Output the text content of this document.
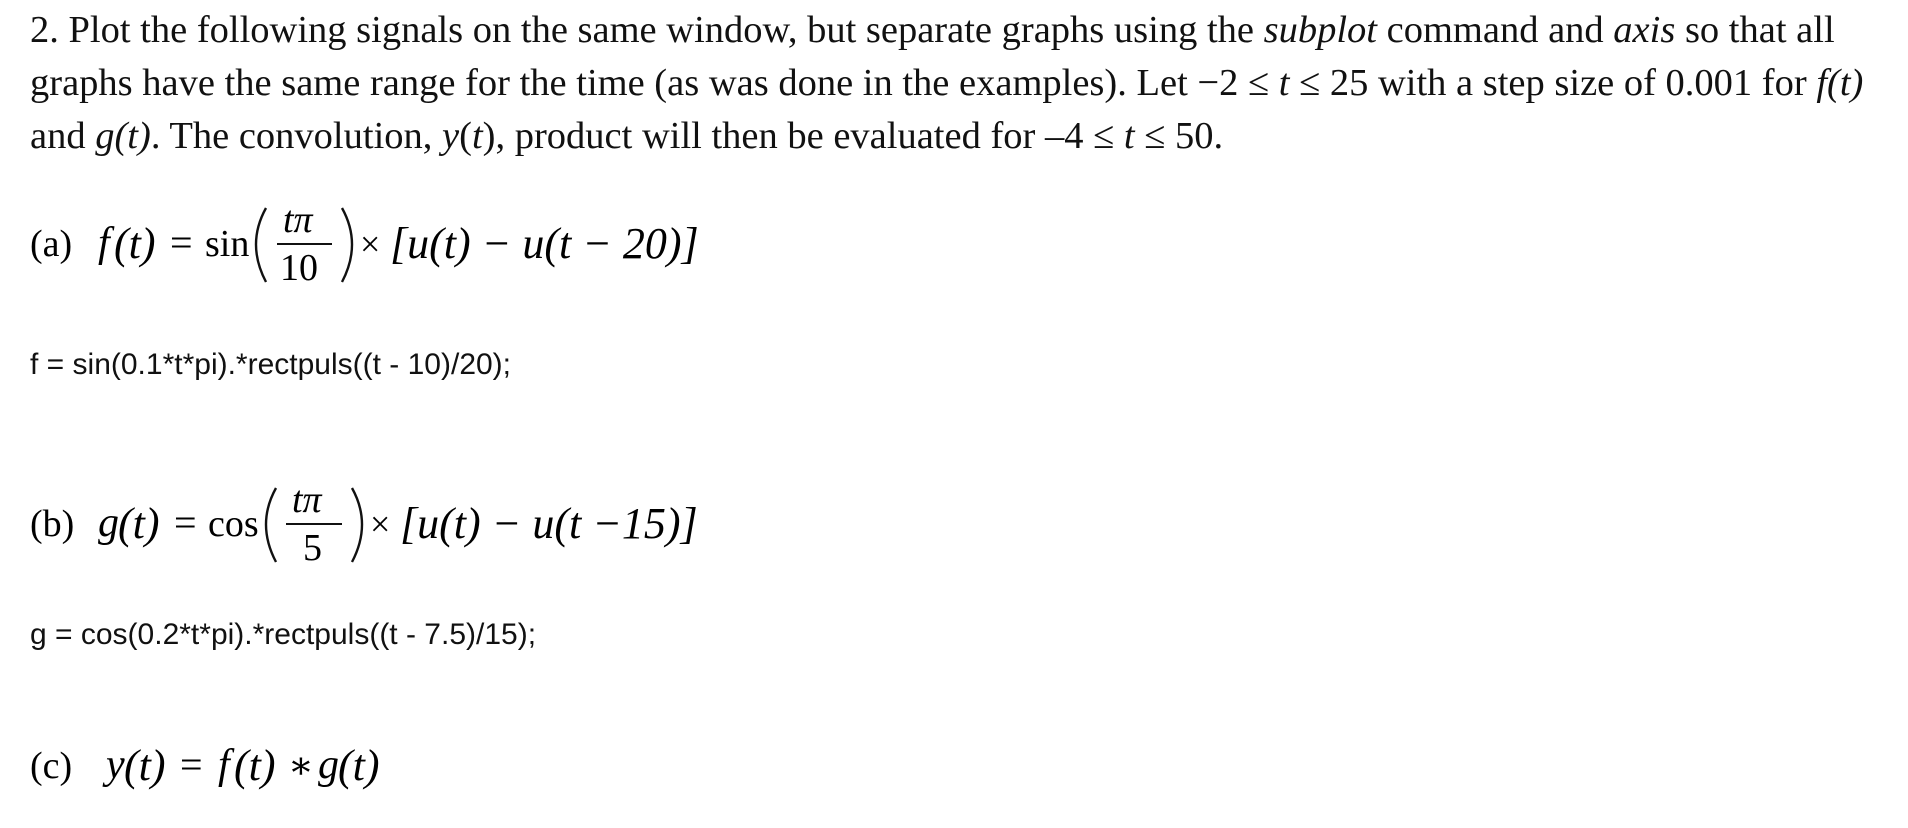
2. Plot the following signals on the same window, but separate graphs using the subplot command and axis so that all graphs have the same range for the time (as was done in the examples). Let −2 ≤ t ≤ 25 with a step size of 0.001 for f(t) and g(t). The convolution, y(t), product will then be evaluated for –4 ≤ t ≤ 50.

(a) f (t) = sin
tπ
10
× [u(t) − u(t − 20)]
f = sin(0.1*t*pi).*rectpuls((t - 10)/20);
(b) g (t) = cos
tπ
5
× [u(t) − u(t −15)]
g = cos(0.2*t*pi).*rectpuls((t - 7.5)/15);
(c) y (t) = f (t) ∗ g (t)
